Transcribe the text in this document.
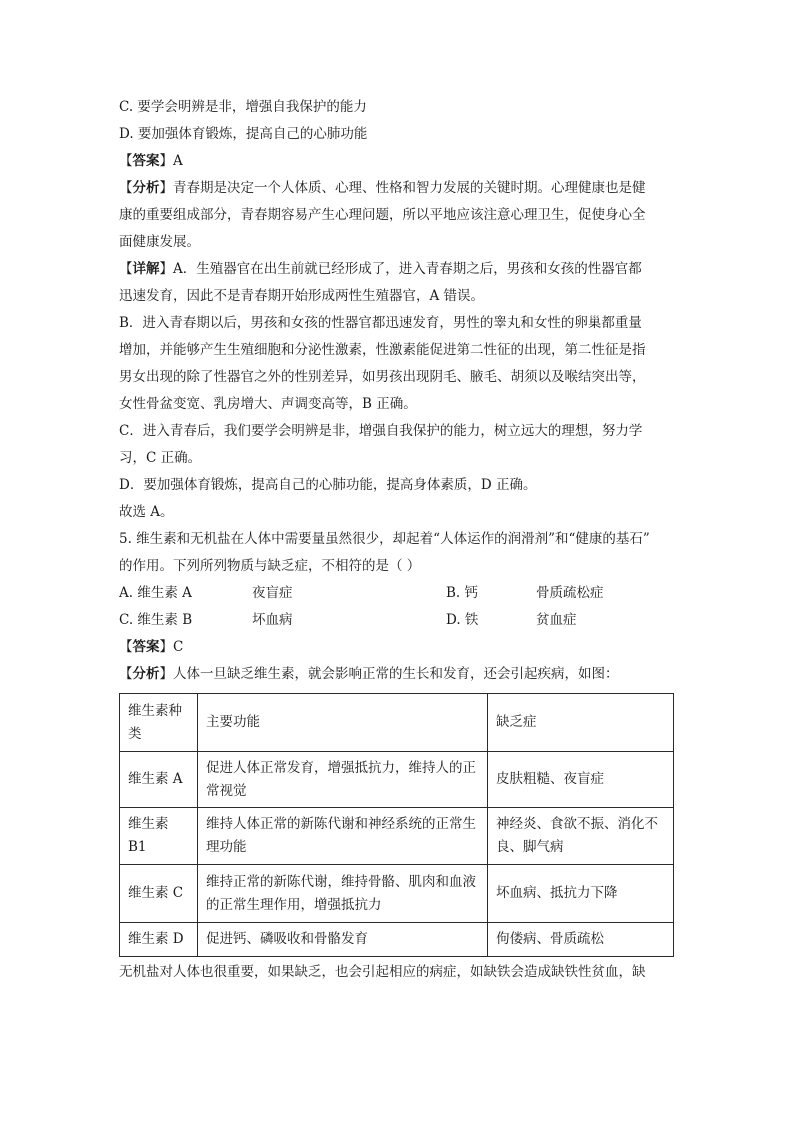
C. 要学会明辨是非，增强自我保护的能力
D. 要加强体育锻炼，提高自己的心肺功能
【答案】A
【分析】青春期是决定一个人体质、心理、性格和智力发展的关键时期。心理健康也是健
康的重要组成部分，青春期容易产生心理问题，所以平地应该注意心理卫生，促使身心全
面健康发展。
【详解】A．生殖器官在出生前就已经形成了，进入青春期之后，男孩和女孩的性器官都
迅速发育，因此不是青春期开始形成两性生殖器官，A 错误。
B．进入青春期以后，男孩和女孩的性器官都迅速发育，男性的睾丸和女性的卵巢都重量
增加，并能够产生生殖细胞和分泌性激素，性激素能促进第二性征的出现，第二性征是指
男女出现的除了性器官之外的性别差异，如男孩出现阴毛、腋毛、胡须以及喉结突出等，
女性骨盆变宽、乳房增大、声调变高等，B 正确。
C．进入青春后，我们要学会明辨是非，增强自我保护的能力，树立远大的理想，努力学
习，C 正确。
D．要加强体育锻炼，提高自己的心肺功能，提高身体素质，D 正确。
故选 A。
5. 维生素和无机盐在人体中需要量虽然很少，却起着“人体运作的润滑剂”和“健康的基石”
的作用。下列所列物质与缺乏症，不相符的是（ ）
A. 维生素 A	夜盲症	B. 钙	骨质疏松症
C. 维生素 B	坏血病	D. 铁	贫血症
【答案】C
【分析】人体一旦缺乏维生素，就会影响正常的生长和发育，还会引起疾病，如图：
维生素种类	主要功能	缺乏症
维生素 A	促进人体正常发育，增强抵抗力，维持人的正常视觉	皮肤粗糙、夜盲症
维生素 B1	维持人体正常的新陈代谢和神经系统的正常生理功能	神经炎、食欲不振、消化不良、脚气病
维生素 C	维持正常的新陈代谢，维持骨骼、肌肉和血液的正常生理作用，增强抵抗力	坏血病、抵抗力下降
维生素 D	促进钙、磷吸收和骨骼发育	佝偻病、骨质疏松
无机盐对人体也很重要，如果缺乏，也会引起相应的病症，如缺铁会造成缺铁性贫血，缺
